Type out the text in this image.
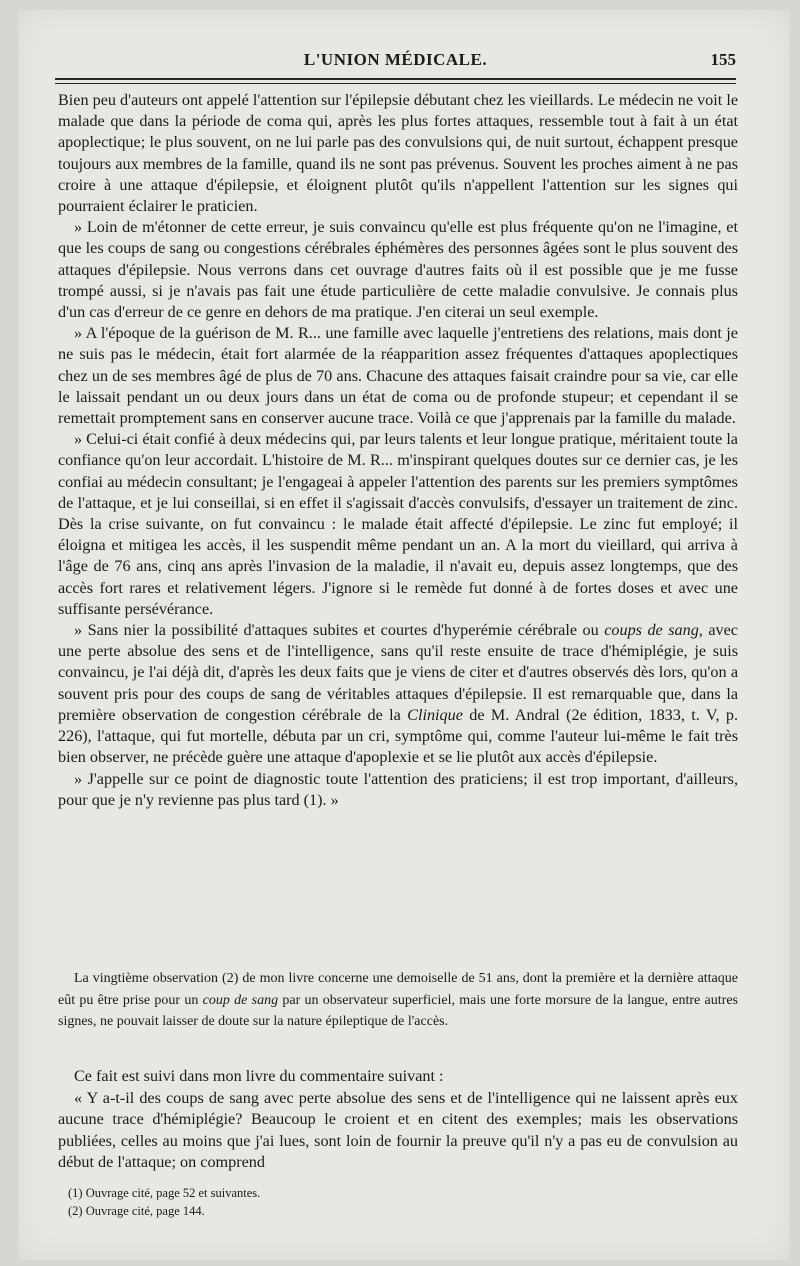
L'UNION MÉDICALE.	155

Bien peu d'auteurs ont appelé l'attention sur l'épilepsie débutant chez les vieillards. Le médecin ne voit le malade que dans la période de coma qui, après les plus fortes attaques, ressemble tout à fait à un état apoplectique; le plus souvent, on ne lui parle pas des convulsions qui, de nuit surtout, échappent presque toujours aux membres de la famille, quand ils ne sont pas prévenus. Souvent les proches aiment à ne pas croire à une attaque d'épilepsie, et éloignent plutôt qu'ils n'appellent l'attention sur les signes qui pourraient éclairer le praticien.

» Loin de m'étonner de cette erreur, je suis convaincu qu'elle est plus fréquente qu'on ne l'imagine, et que les coups de sang ou congestions cérébrales éphémères des personnes âgées sont le plus souvent des attaques d'épilepsie. Nous verrons dans cet ouvrage d'autres faits où il est possible que je me fusse trompé aussi, si je n'avais pas fait une étude particulière de cette maladie convulsive. Je connais plus d'un cas d'erreur de ce genre en dehors de ma pratique. J'en citerai un seul exemple.

» A l'époque de la guérison de M. R... une famille avec laquelle j'entretiens des relations, mais dont je ne suis pas le médecin, était fort alarmée de la réapparition assez fréquentes d'attaques apoplectiques chez un de ses membres âgé de plus de 70 ans. Chacune des attaques faisait craindre pour sa vie, car elle le laissait pendant un ou deux jours dans un état de coma ou de profonde stupeur; et cependant il se remettait promptement sans en conserver aucune trace. Voilà ce que j'apprenais par la famille du malade.

» Celui-ci était confié à deux médecins qui, par leurs talents et leur longue pratique, méritaient toute la confiance qu'on leur accordait. L'histoire de M. R... m'inspirant quelques doutes sur ce dernier cas, je les confiai au médecin consultant; je l'engageai à appeler l'attention des parents sur les premiers symptômes de l'attaque, et je lui conseillai, si en effet il s'agissait d'accès convulsifs, d'essayer un traitement de zinc. Dès la crise suivante, on fut convaincu : le malade était affecté d'épilepsie. Le zinc fut employé; il éloigna et mitigea les accès, il les suspendit même pendant un an. A la mort du vieillard, qui arriva à l'âge de 76 ans, cinq ans après l'invasion de la maladie, il n'avait eu, depuis assez longtemps, que des accès fort rares et relativement légers. J'ignore si le remède fut donné à de fortes doses et avec une suffisante persévérance.

» Sans nier la possibilité d'attaques subites et courtes d'hyperémie cérébrale ou coups de sang, avec une perte absolue des sens et de l'intelligence, sans qu'il reste ensuite de trace d'hémiplégie, je suis convaincu, je l'ai déjà dit, d'après les deux faits que je viens de citer et d'autres observés dès lors, qu'on a souvent pris pour des coups de sang de véritables attaques d'épilepsie. Il est remarquable que, dans la première observation de congestion cérébrale de la Clinique de M. Andral (2e édition, 1833, t. V, p. 226), l'attaque, qui fut mortelle, débuta par un cri, symptôme qui, comme l'auteur lui-même le fait très bien observer, ne précède guère une attaque d'apoplexie et se lie plutôt aux accès d'épilepsie.

» J'appelle sur ce point de diagnostic toute l'attention des praticiens; il est trop important, d'ailleurs, pour que je n'y revienne pas plus tard (1). »

La vingtième observation (2) de mon livre concerne une demoiselle de 51 ans, dont la première et la dernière attaque eût pu être prise pour un coup de sang par un observateur superficiel, mais une forte morsure de la langue, entre autres signes, ne pouvait laisser de doute sur la nature épileptique de l'accès.

Ce fait est suivi dans mon livre du commentaire suivant :

« Y a-t-il des coups de sang avec perte absolue des sens et de l'intelligence qui ne laissent après eux aucune trace d'hémiplégie? Beaucoup le croient et en citent des exemples; mais les observations publiées, celles au moins que j'ai lues, sont loin de fournir la preuve qu'il n'y a pas eu de convulsion au début de l'attaque; on comprend

(1) Ouvrage cité, page 52 et suivantes.
(2) Ouvrage cité, page 144.
